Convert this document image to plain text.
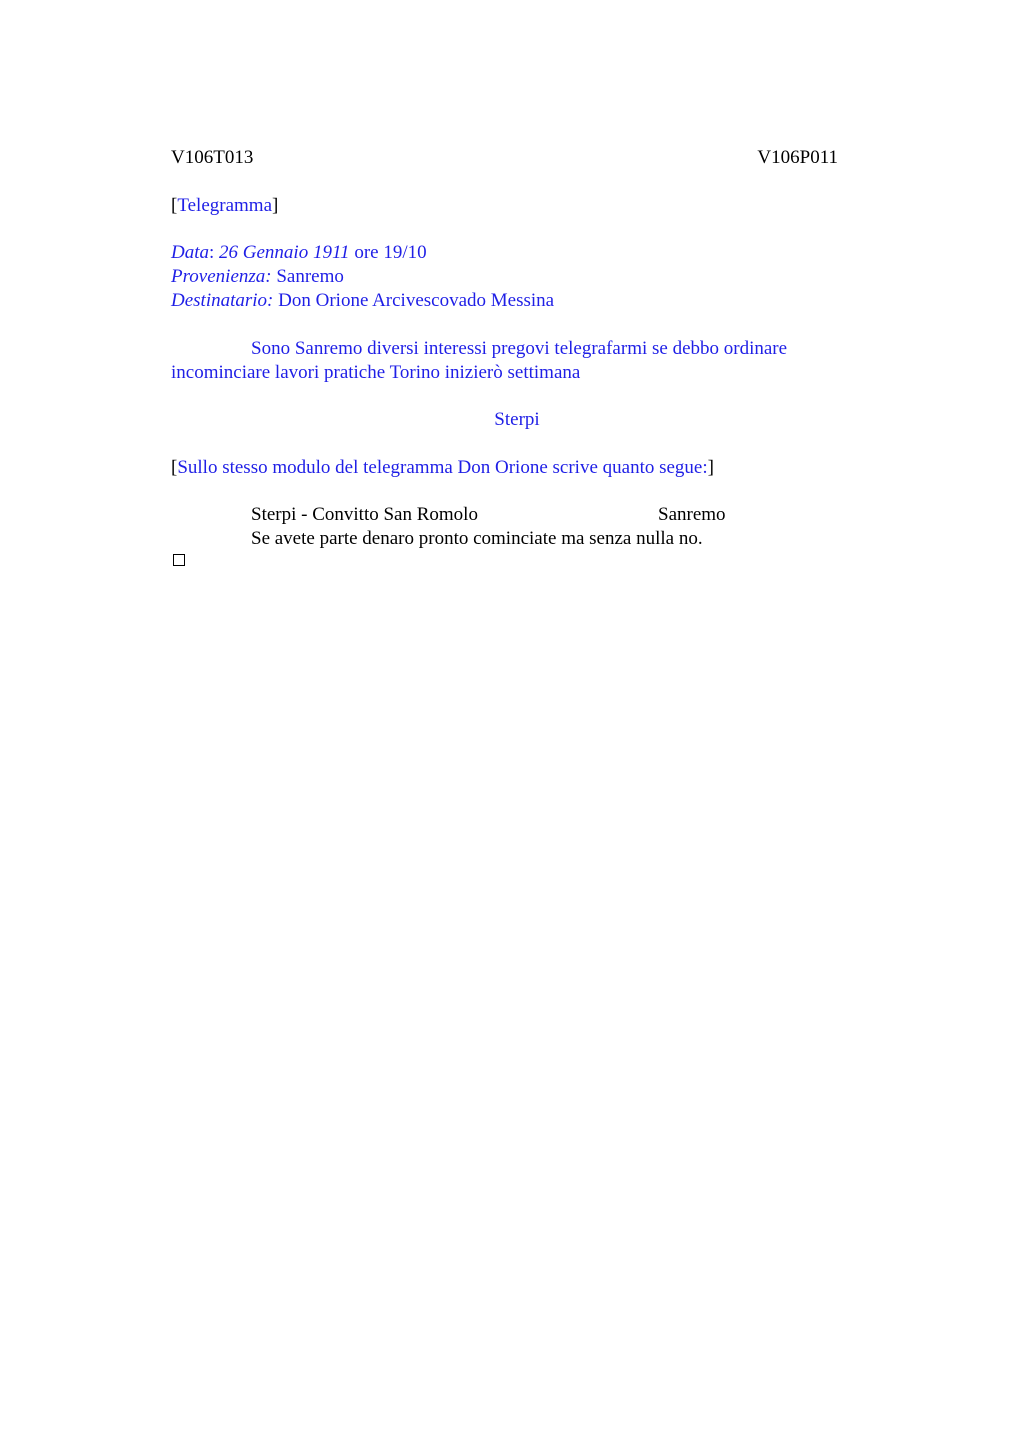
V106T013	V106P011
[Telegramma]
Data: 26 Gennaio 1911 ore 19/10
Provenienza: Sanremo
Destinatario: Don Orione Arcivescovado Messina
Sono Sanremo diversi interessi pregovi telegrafarmi se debbo ordinare incominciare lavori pratiche Torino inizierò settimana
Sterpi
[Sullo stesso modulo del telegramma Don Orione scrive quanto segue:]
Sterpi - Convitto San Romolo	Sanremo
Se avete parte denaro pronto cominciate ma senza nulla no.
